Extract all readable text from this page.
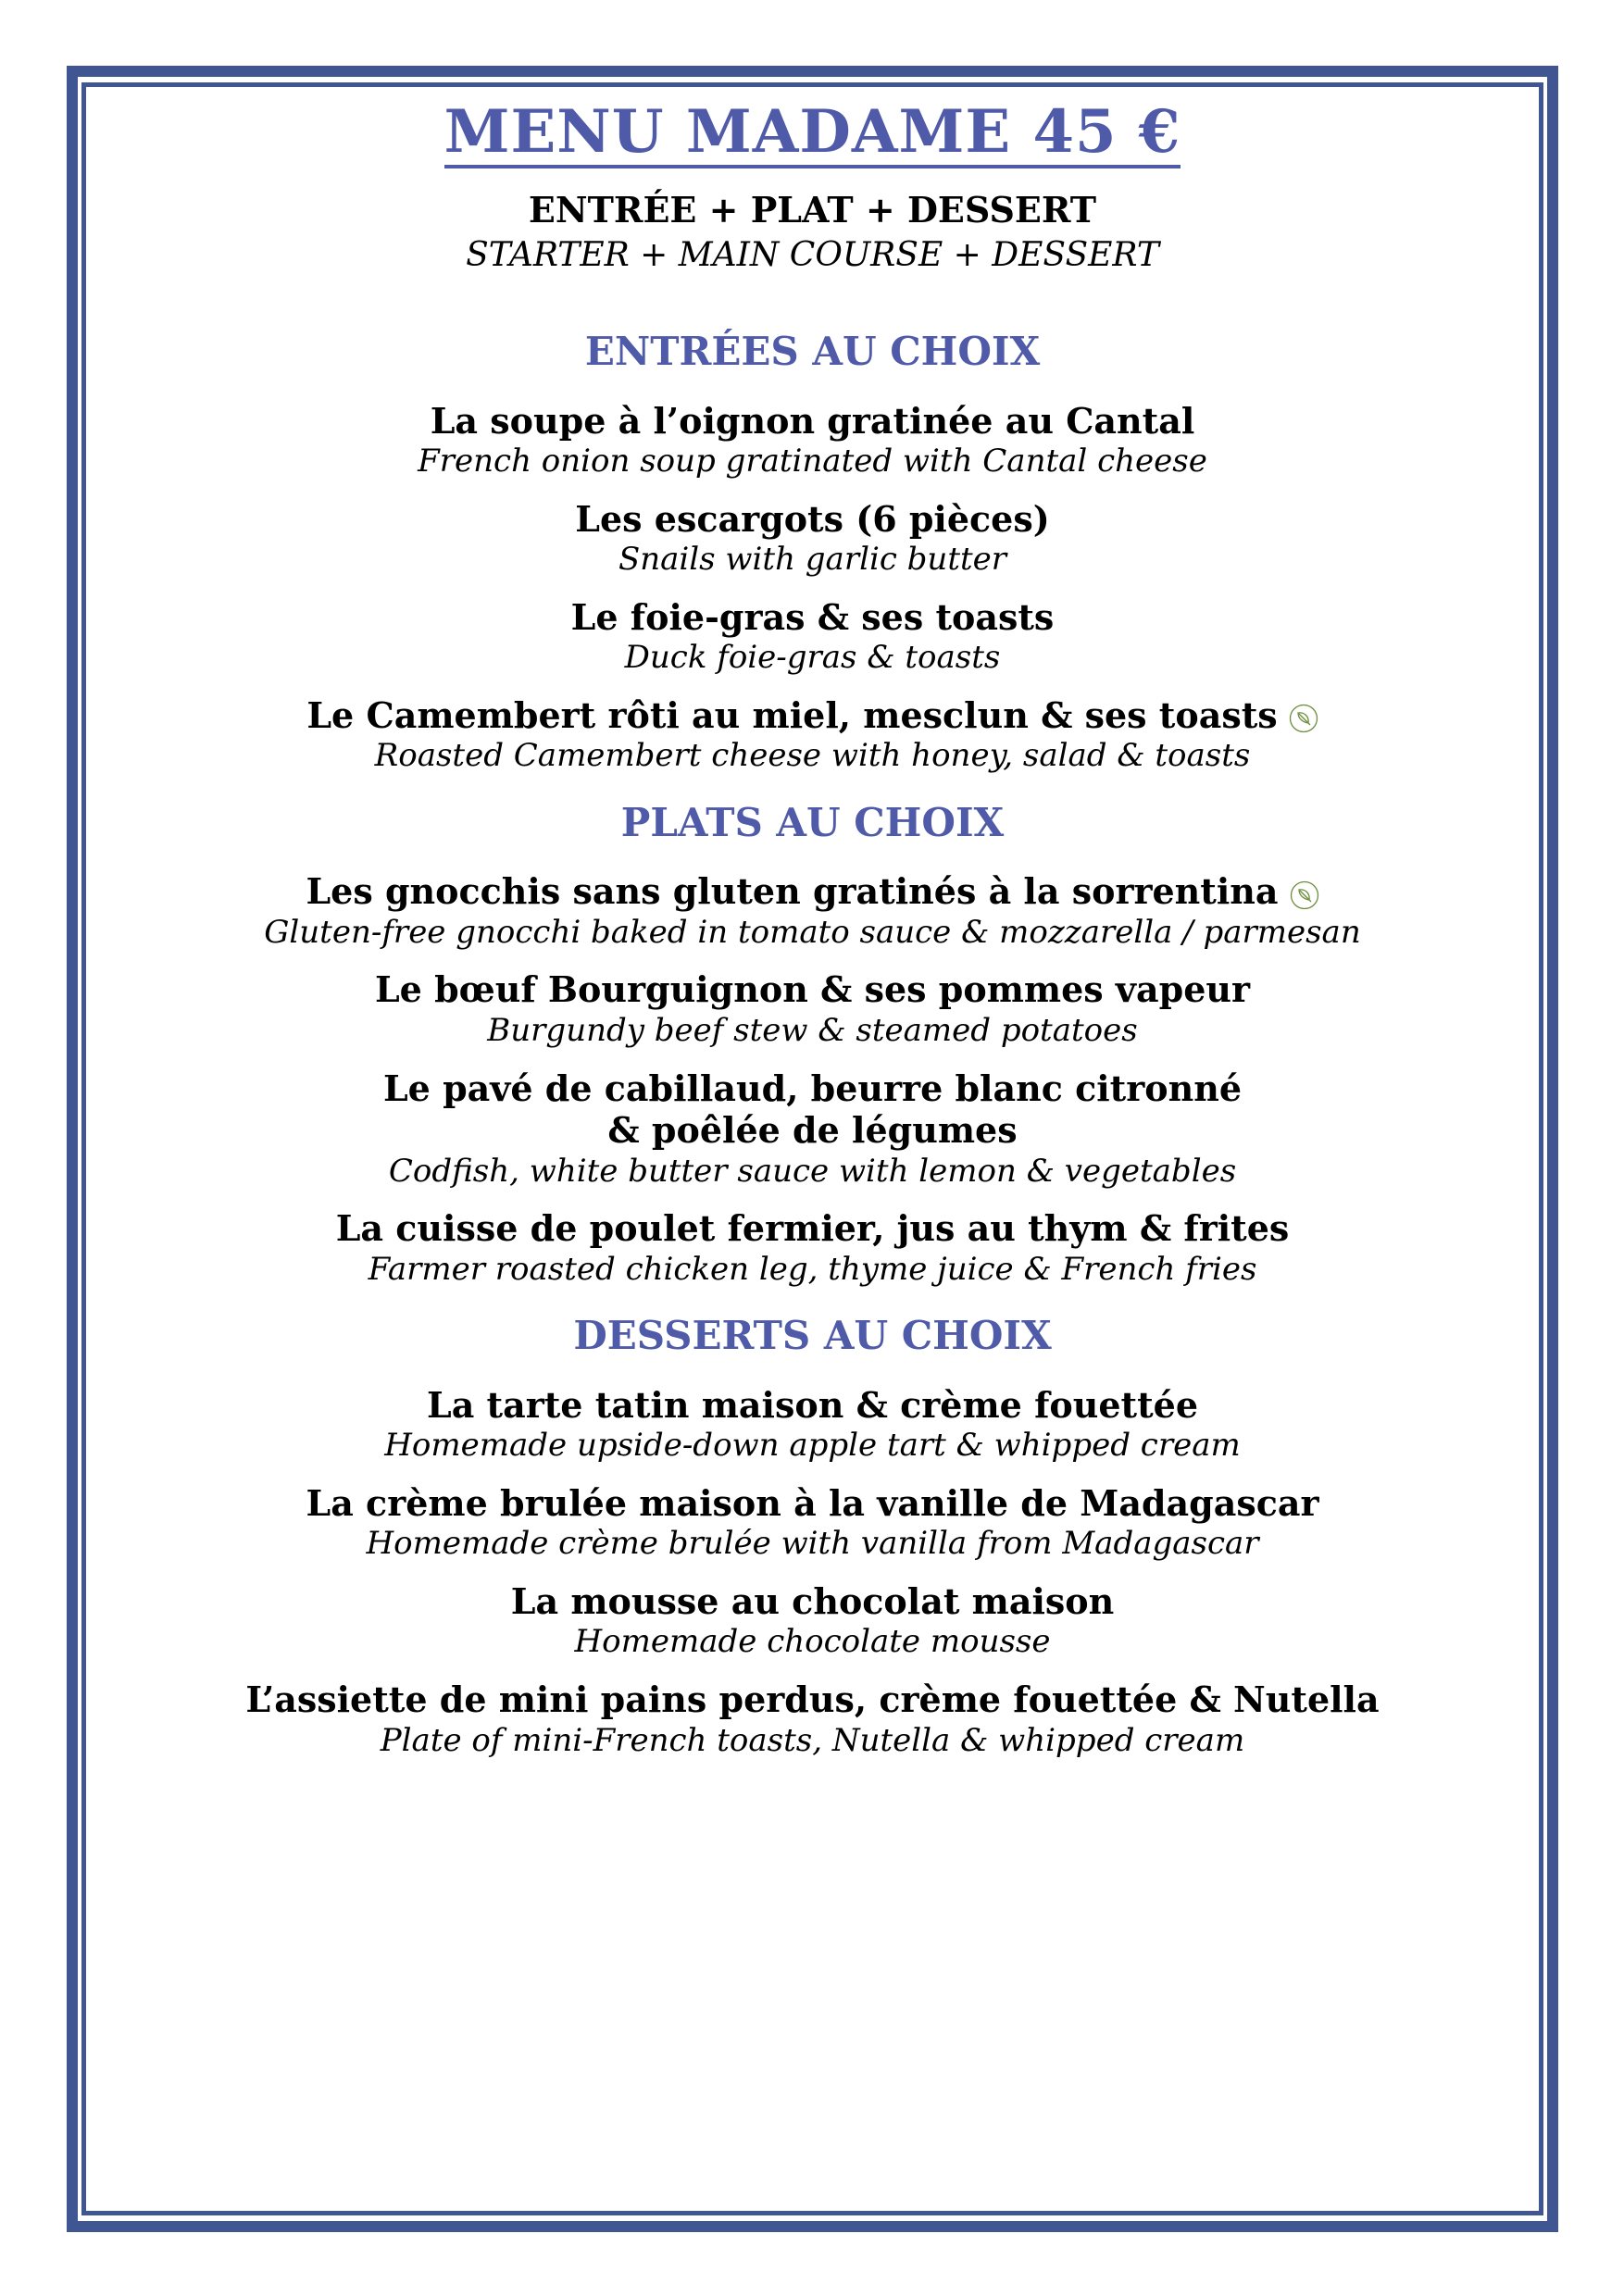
MENU MADAME 45 €
ENTRÉE + PLAT + DESSERT
STARTER + MAIN COURSE + DESSERT
ENTRÉES AU CHOIX
La soupe à l’oignon gratinée au Cantal
French onion soup gratinated with Cantal cheese
Les escargots (6 pièces)
Snails with garlic butter
Le foie-gras & ses toasts
Duck foie-gras & toasts
Le Camembert rôti au miel, mesclun & ses toasts
Roasted Camembert cheese with honey, salad & toasts
PLATS AU CHOIX
Les gnocchis sans gluten gratinés à la sorrentina
Gluten-free gnocchi baked in tomato sauce & mozzarella / parmesan
Le bœuf Bourguignon & ses pommes vapeur
Burgundy beef stew & steamed potatoes
Le pavé de cabillaud, beurre blanc citronné
& poêlée de légumes
Codfish, white butter sauce with lemon & vegetables
La cuisse de poulet fermier, jus au thym & frites
Farmer roasted chicken leg, thyme juice & French fries
DESSERTS AU CHOIX
La tarte tatin maison & crème fouettée
Homemade upside-down apple tart & whipped cream
La crème brulée maison à la vanille de Madagascar
Homemade crème brulée with vanilla from Madagascar
La mousse au chocolat maison
Homemade chocolate mousse
L’assiette de mini pains perdus, crème fouettée & Nutella
Plate of mini-French toasts, Nutella & whipped cream
